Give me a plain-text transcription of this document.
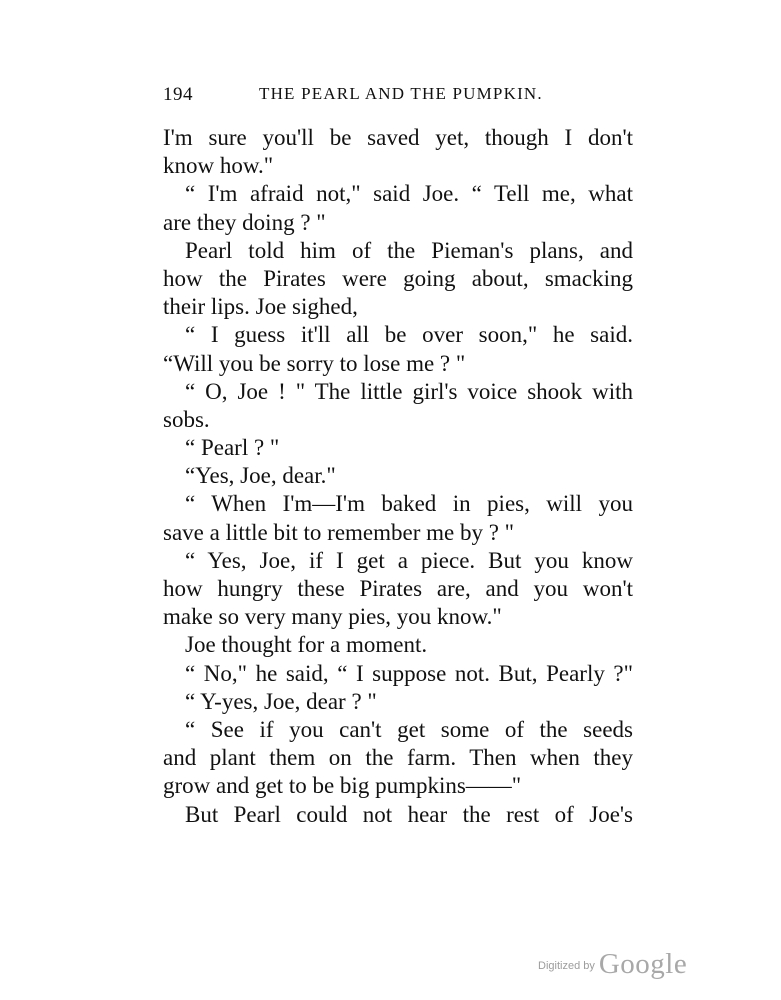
194	THE PEARL AND THE PUMPKIN.
I'm sure you'll be saved yet, though I don't
know how."
“ I'm afraid not," said Joe. “ Tell me, what
are they doing ? "
Pearl told him of the Pieman's plans, and
how the Pirates were going about, smacking
their lips. Joe sighed,
“ I guess it'll all be over soon," he said.
“Will you be sorry to lose me ? "
“ O, Joe ! " The little girl's voice shook with
sobs.
“ Pearl ? "
“Yes, Joe, dear."
“ When I'm—I'm baked in pies, will you
save a little bit to remember me by ? "
“ Yes, Joe, if I get a piece. But you know
how hungry these Pirates are, and you won't
make so very many pies, you know."
Joe thought for a moment.
“ No," he said, “ I suppose not. But, Pearly ?"
“ Y-yes, Joe, dear ? "
“ See if you can't get some of the seeds
and plant them on the farm. Then when they
grow and get to be big pumpkins——"
But Pearl could not hear the rest of Joe's
$^{Digitized by}$ Google
